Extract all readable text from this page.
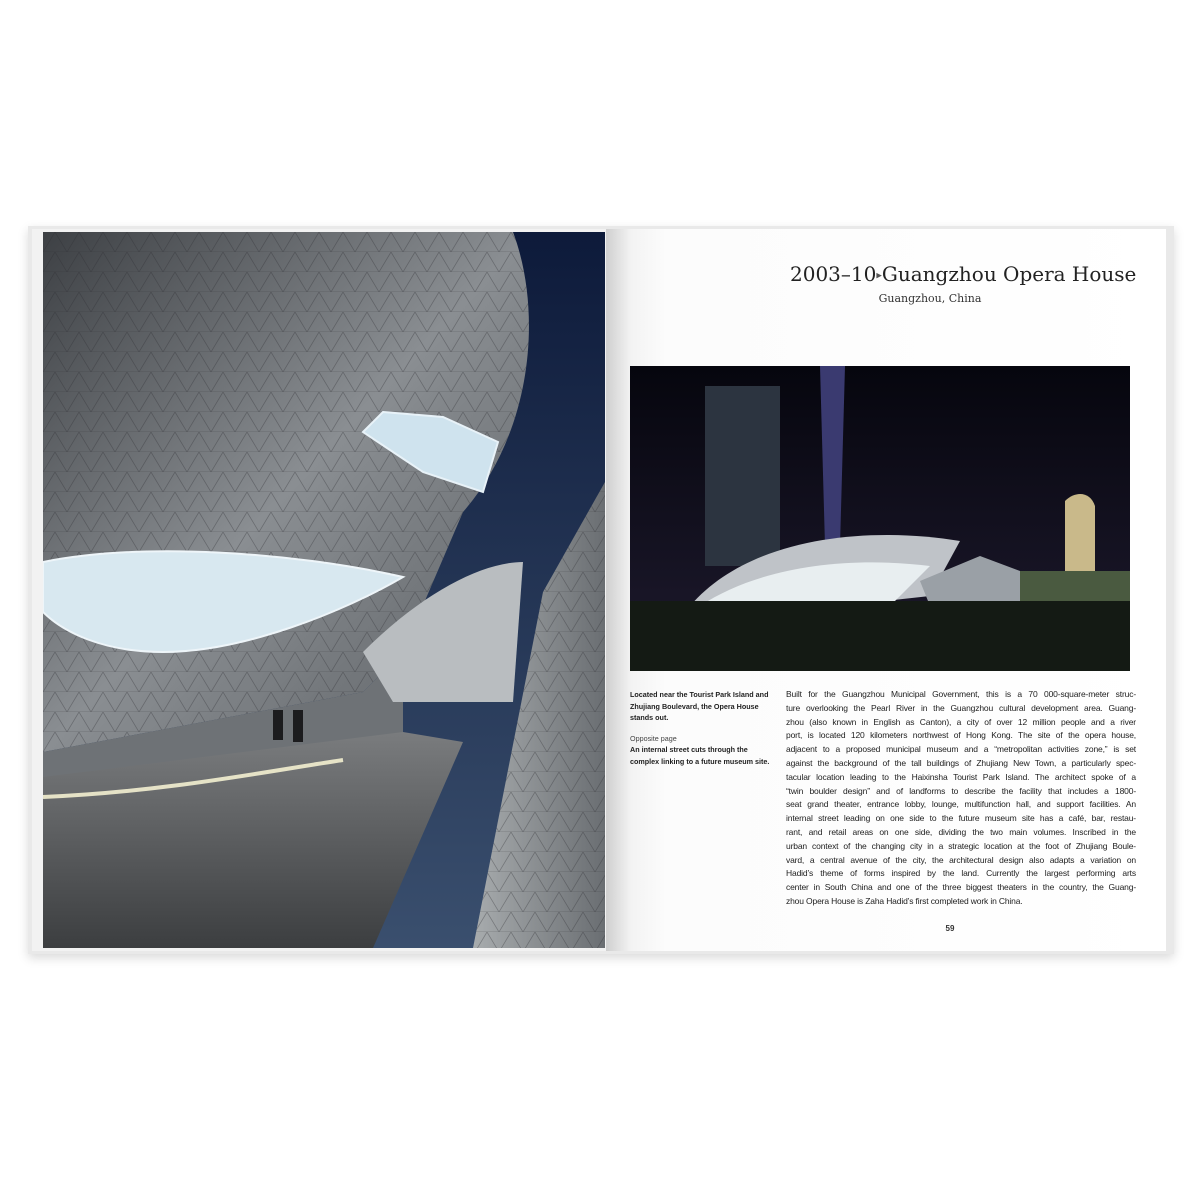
2003–10▸Guangzhou Opera House
Guangzhou, China
Located near the Tourist Park Island and Zhujiang Boulevard, the Opera House stands out.
Opposite page
An internal street cuts through the complex linking to a future museum site.
Built for the Guangzhou Municipal Government, this is a 70 000-square-meter struc-
ture overlooking the Pearl River in the Guangzhou cultural development area. Guang-
zhou (also known in English as Canton), a city of over 12 million people and a river
port, is located 120 kilometers northwest of Hong Kong. The site of the opera house,
adjacent to a proposed municipal museum and a “metropolitan activities zone,” is set
against the background of the tall buildings of Zhujiang New Town, a particularly spec-
tacular location leading to the Haixinsha Tourist Park Island. The architect spoke of a
“twin boulder design” and of landforms to describe the facility that includes a 1800-
seat grand theater, entrance lobby, lounge, multifunction hall, and support facilities. An
internal street leading on one side to the future museum site has a café, bar, restau-
rant, and retail areas on one side, dividing the two main volumes. Inscribed in the
urban context of the changing city in a strategic location at the foot of Zhujiang Boule-
vard, a central avenue of the city, the architectural design also adapts a variation on
Hadid’s theme of forms inspired by the land. Currently the largest performing arts
center in South China and one of the three biggest theaters in the country, the Guang-
zhou Opera House is Zaha Hadid’s first completed work in China.
59
